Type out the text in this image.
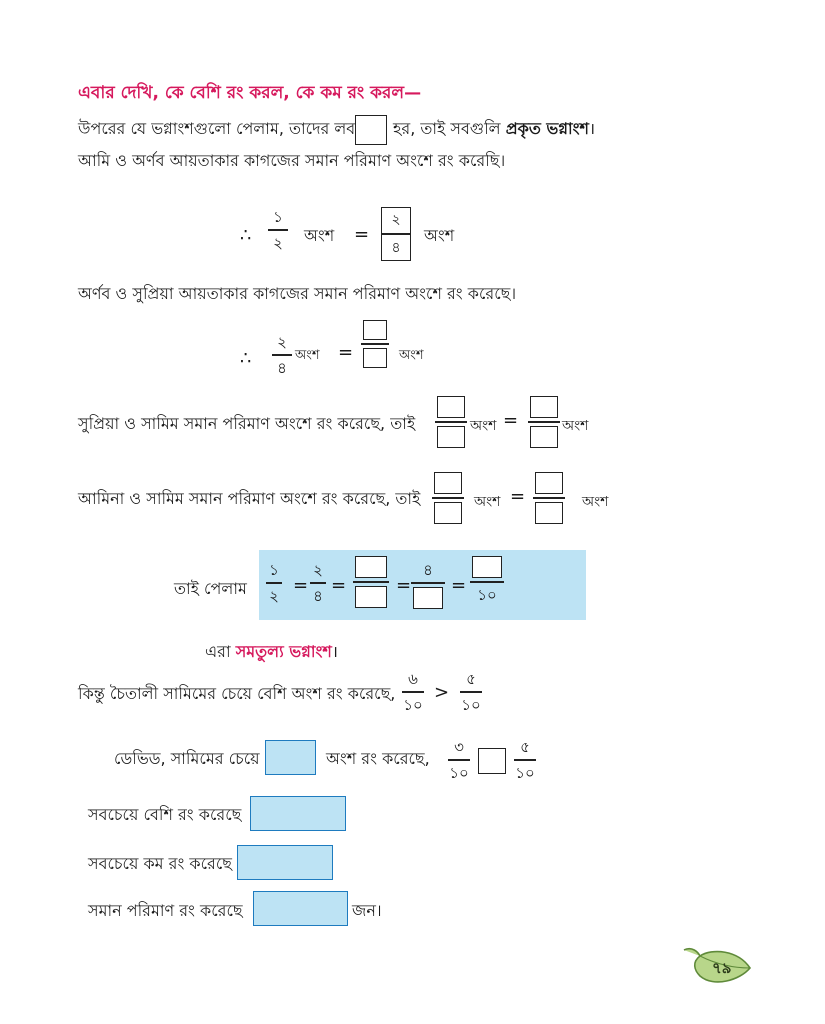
এবার দেখি, কে বেশি রং করল, কে কম রং করল—
উপরের যে ভগ্নাংশগুলো পেলাম, তাদের লব হর, তাই সবগুলি প্রকৃত ভগ্নাংশ।
আমি ও অর্ণব আয়তাকার কাগজের সমান পরিমাণ অংশে রং করেছি।
∴
১
২ অংশ =
২
৪
অংশ
অর্ণব ও সুপ্রিয়া আয়তাকার কাগজের সমান পরিমাণ অংশে রং করেছে।
∴
২
৪
অংশ =	অংশ
সুপ্রিয়া ও সামিম সমান পরিমাণ অংশে রং করেছে, তাই	অংশ =	অংশ
আমিনা ও সামিম সমান পরিমাণ অংশে রং করেছে, তাই	অংশ =	অংশ
তাই পেলাম
১
২ =
২
৪ =	=
৪
= ১০
এরা সমতুল্য ভগ্নাংশ।
কিন্তু চৈতালী সামিমের চেয়ে বেশি অংশ রং করেছে,
৬
১০
>
৫
১০
ডেভিড, সামিমের চেয়ে	অংশ রং করেছে,
৩
১০
৫
১০
সবচেয়ে বেশি রং করেছে
সবচেয়ে কম রং করেছে
সমান পরিমাণ রং করেছে	জন।
৭৯
